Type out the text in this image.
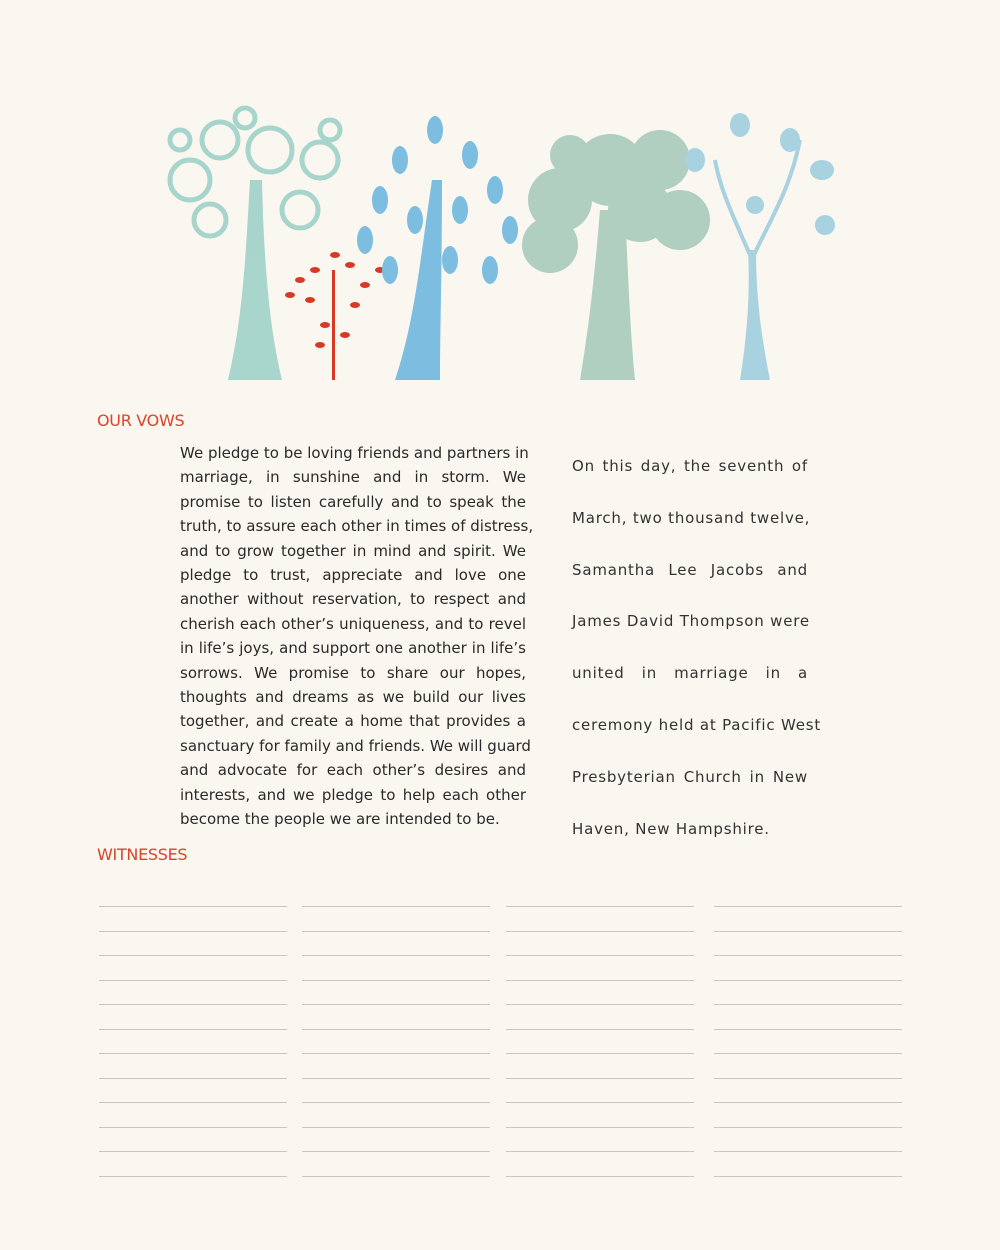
OUR VOWS
We pledge to be loving friends and partners in
marriage, in sunshine and in storm. We
promise to listen carefully and to speak the
truth, to assure each other in times of distress,
and to grow together in mind and spirit. We
pledge to trust, appreciate and love one
another without reservation, to respect and
cherish each other’s uniqueness, and to revel
in life’s joys, and support one another in life’s
sorrows. We promise to share our hopes,
thoughts and dreams as we build our lives
together, and create a home that provides a
sanctuary for family and friends. We will guard
and advocate for each other’s desires and
interests, and we pledge to help each other
become the people we are intended to be.
On this day, the seventh of
March, two thousand twelve,
Samantha Lee Jacobs and
James David Thompson were
united in marriage in a
ceremony held at Pacific West
Presbyterian Church in New
Haven, New Hampshire.
WITNESSES
